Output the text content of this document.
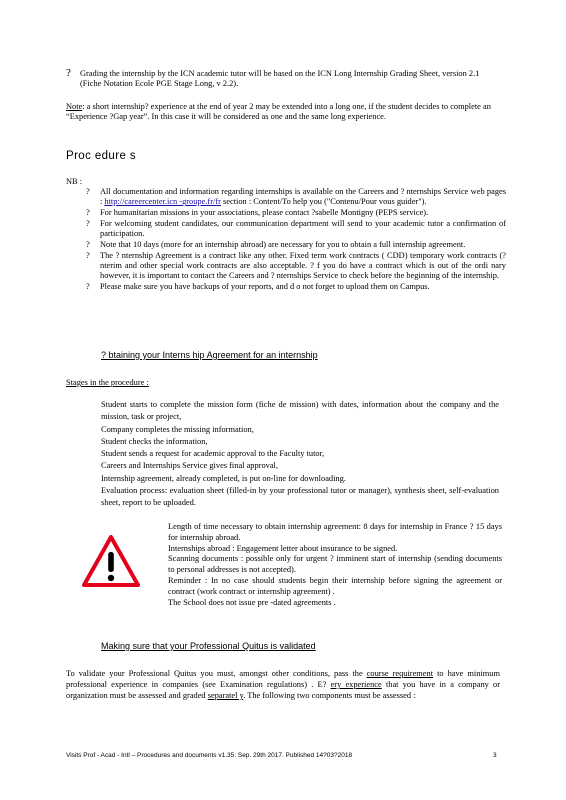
? Grading the internship by the ICN academic tutor will be based on the ICN Long Internship Grading Sheet, version 2.1 (Fiche Notation Ecole PGE Stage Long, v 2.2).
Note: a short internship? experience at the end of year 2 may be extended into a long one, if the student decides to complete an “Experience ?Gap year”. In this case it will be considered as one and the same long experience.
Proc edure s
NB :
? All documentation and information regarding internships is available on the Careers and ? nternships Service web pages : http://careercenter.icn -groupe.fr/fr section : Content/To help you ("Contenu/Pour vous guider").
? For humanitarian missions in your associations, please contact ?sabelle Montigny (PEPS service).
? For welcoming student candidates, our communication department will send to your academic tutor a confirmation of participation.
? Note that 10 days (more for an internship abroad) are necessary for you to obtain a full internship agreement.
? The ? nternship Agreement is a contract like any other. Fixed term work contracts ( CDD) temporary work contracts (? nterim and other special work contracts are also acceptable. ? f you do have a contract which is out of the ordi nary however, it is important to contact the Careers and ? nternships Service to check before the beginning of the internship.
? Please make sure you have backups of your reports, and d o not forget to upload them on Campus.
? btaining your Interns hip Agreement for an internship
Stages in the procedure :
Student starts to complete the mission form (fiche de mission) with dates, information about the company and the mission, task or project,
Company completes the missing information,
Student checks the information,
Student sends a request for academic approval to the Faculty tutor,
Careers and Internships Service gives final approval,
Internship agreement, already completed, is put on-line for downloading.
Evaluation process: evaluation sheet (filled-in by your professional tutor or manager), synthesis sheet, self-evaluation sheet, report to be uploaded.
Length of time necessary to obtain internship agreement: 8 days for internship in France ? 15 days for internship abroad.
Internships abroad : Engagement letter about insurance to be signed.
Scanning documents : possible only for urgent ? imminent start of internship (sending documents to personal addresses is not accepted).
Reminder : In no case should students begin their internship before signing the agreement or contract (work contract or internship agreement) .
The School does not issue pre -dated agreements .
Making sure that your Professional Quitus is validated
To validate your Professional Quitus you must, amongst other conditions, pass the course requirement to have minimum professional experience in companies (see Examination regulations) . E? ery experience that you have in a company or organization must be assessed and graded separatel y. The following two components must be assessed :
Visits Prof - Acad - Intl – Procedures and documents v1.35: Sep. 29th 2017. Published 14?03?2018	3
